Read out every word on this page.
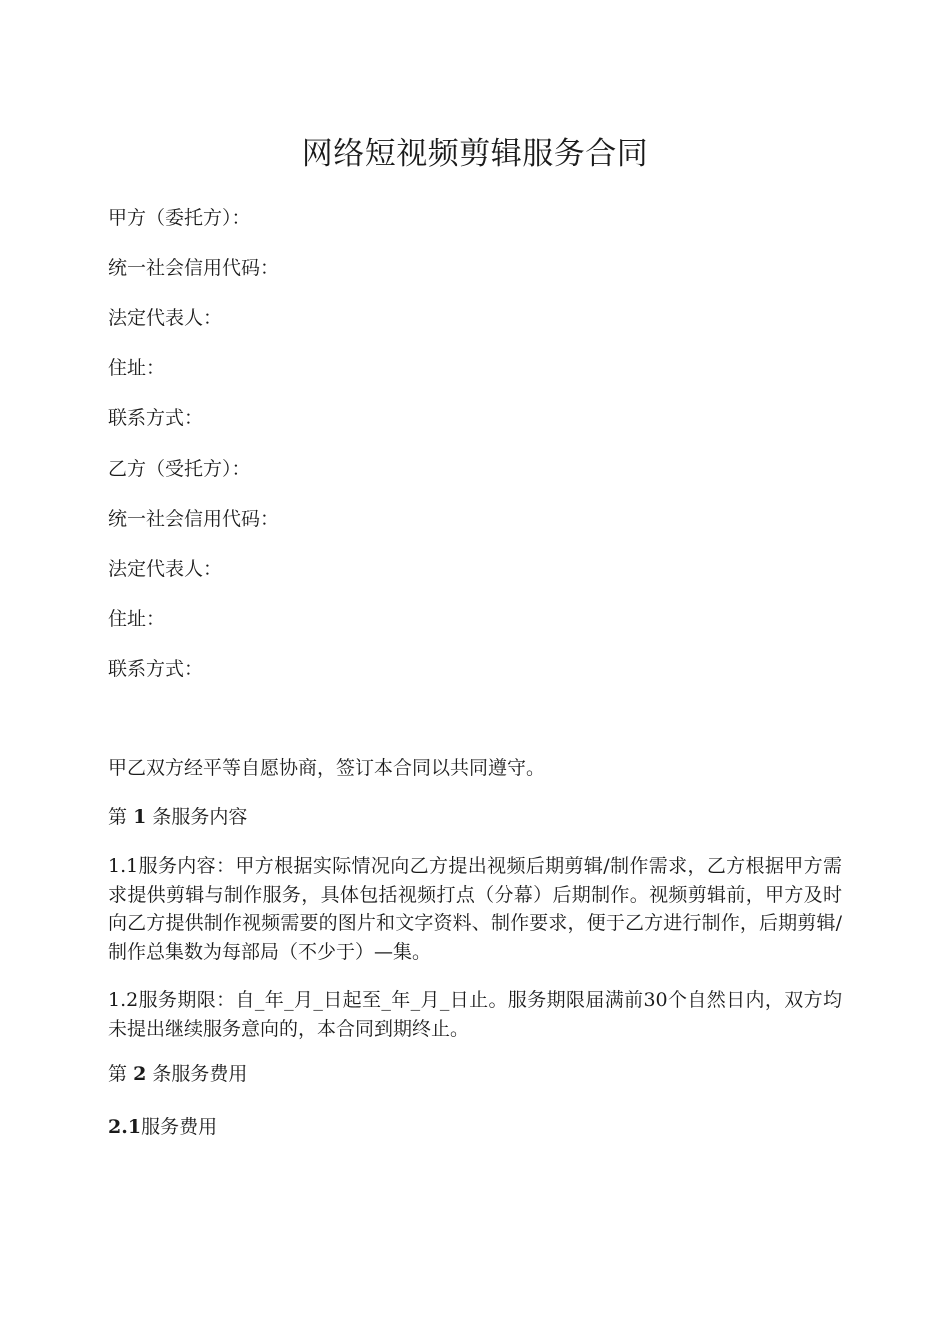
网络短视频剪辑服务合同

甲方（委托方）：

统一社会信用代码：

法定代表人：

住址：

联系方式：

乙方（受托方）：

统一社会信用代码：

法定代表人：

住址：

联系方式：

甲乙双方经平等自愿协商，签订本合同以共同遵守。

第 1 条服务内容

1.1服务内容：甲方根据实际情况向乙方提出视频后期剪辑/制作需求，乙方根据甲方需求提供剪辑与制作服务，具体包括视频打点（分幕）后期制作。视频剪辑前，甲方及时向乙方提供制作视频需要的图片和文字资料、制作要求，便于乙方进行制作，后期剪辑/制作总集数为每部局（不少于）—集。

1.2服务期限：自_年_月_日起至_年_月_日止。服务期限届满前30个自然日内，双方均未提出继续服务意向的，本合同到期终止。

第 2 条服务费用

2.1服务费用
